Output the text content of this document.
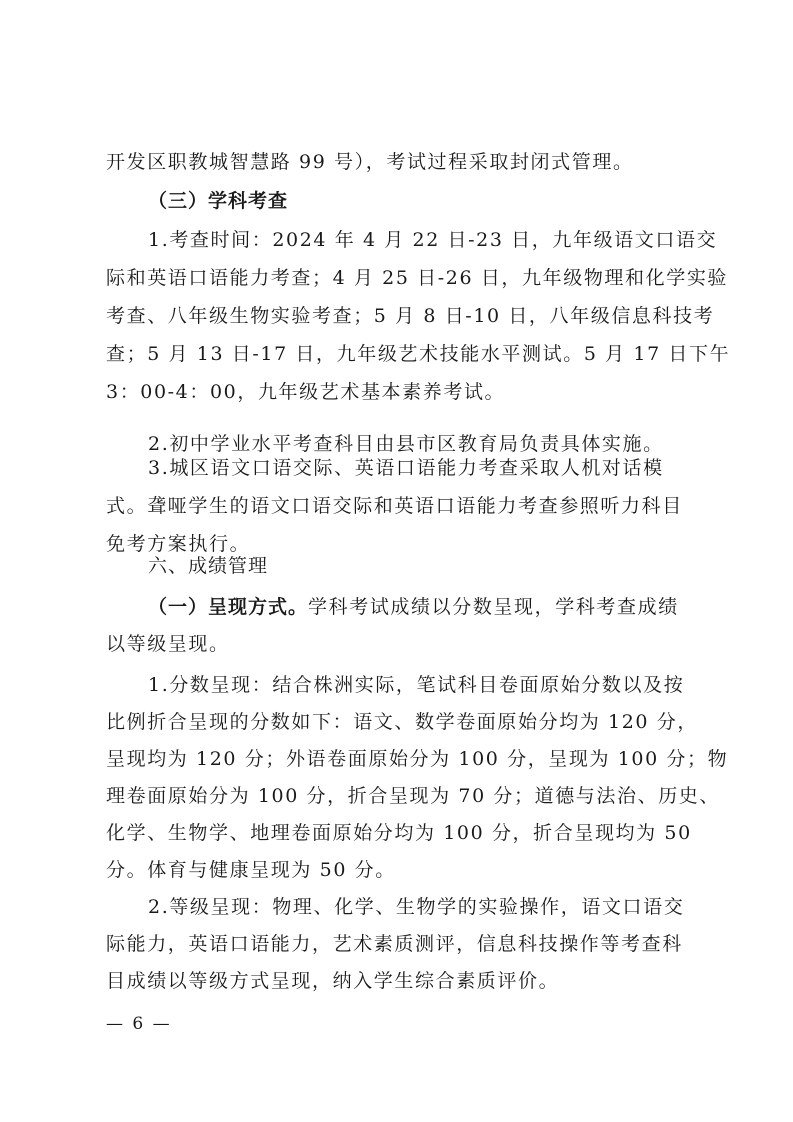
开发区职教城智慧路 99 号），考试过程采取封闭式管理。
（三）学科考查
1.考查时间：2024 年 4 月 22 日-23 日，九年级语文口语交
际和英语口语能力考查；4 月 25 日-26 日，九年级物理和化学实验
考查、八年级生物实验考查；5 月 8 日-10 日，八年级信息科技考
查；5 月 13 日-17 日，九年级艺术技能水平测试。5 月 17 日下午
3：00-4：00，九年级艺术基本素养考试。
2.初中学业水平考查科目由县市区教育局负责具体实施。
3.城区语文口语交际、英语口语能力考查采取人机对话模
式。聋哑学生的语文口语交际和英语口语能力考查参照听力科目
免考方案执行。
六、成绩管理
（一）呈现方式。学科考试成绩以分数呈现，学科考查成绩
以等级呈现。
1.分数呈现：结合株洲实际，笔试科目卷面原始分数以及按
比例折合呈现的分数如下：语文、数学卷面原始分均为 120 分，
呈现均为 120 分；外语卷面原始分为 100 分，呈现为 100 分；物
理卷面原始分为 100 分，折合呈现为 70 分；道德与法治、历史、
化学、生物学、地理卷面原始分均为 100 分，折合呈现均为 50
分。体育与健康呈现为 50 分。
2.等级呈现：物理、化学、生物学的实验操作，语文口语交
际能力，英语口语能力，艺术素质测评，信息科技操作等考查科
目成绩以等级方式呈现，纳入学生综合素质评价。
— 6 —
